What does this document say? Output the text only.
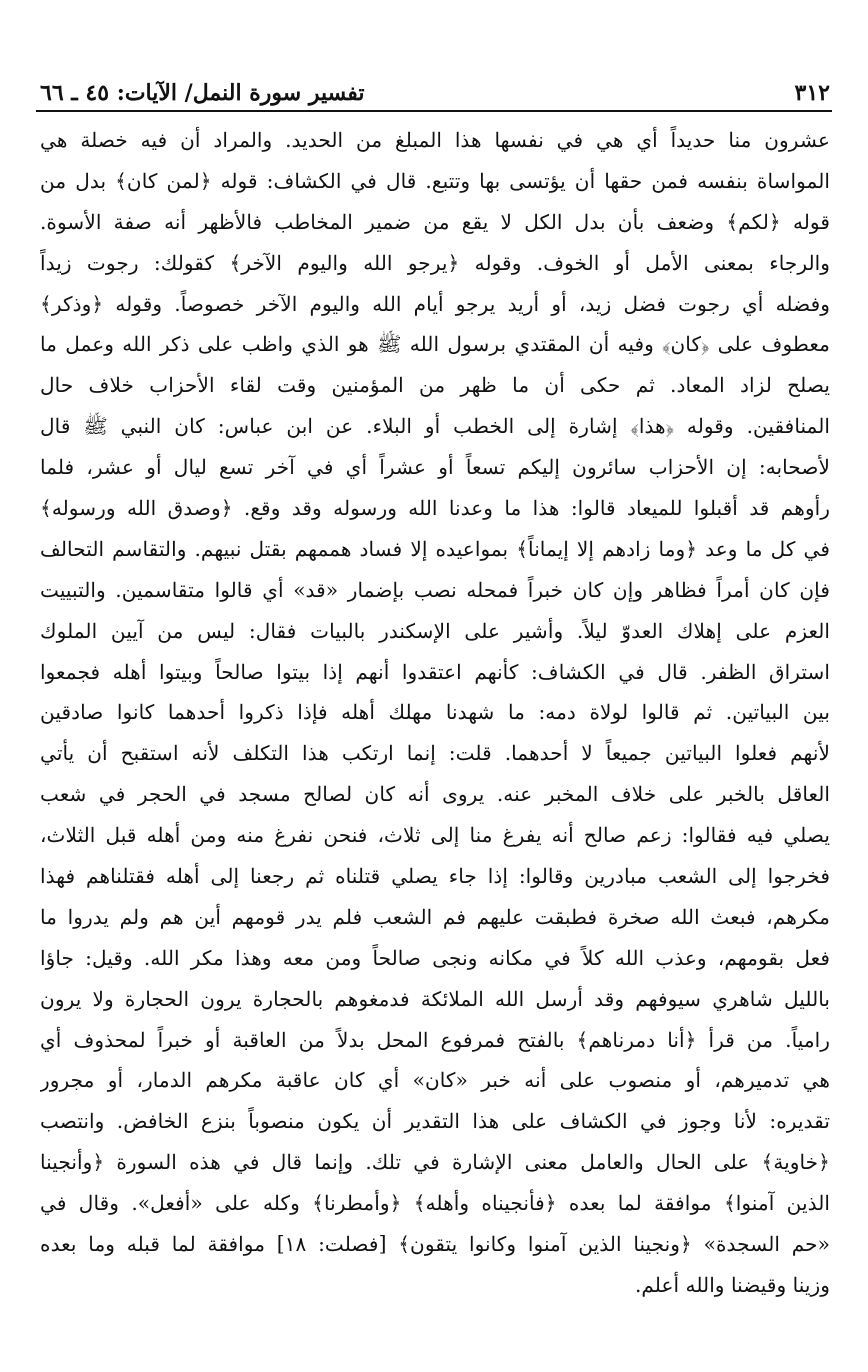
٣١٢
تفسير سورة النمل/ الآيات: ٤٥ ـ ٦٦
عشرون منا حديداً أي هي في نفسها هذا المبلغ من الحديد. والمراد أن فيه خصلة هي
المواساة بنفسه فمن حقها أن يؤتسى بها وتتبع. قال في الكشاف: قوله ﴿لمن كان﴾ بدل من
قوله ﴿لكم﴾ وضعف بأن بدل الكل لا يقع من ضمير المخاطب فالأظهر أنه صفة الأسوة.
والرجاء بمعنى الأمل أو الخوف. وقوله ﴿يرجو الله واليوم الآخر﴾ كقولك: رجوت زيداً
وفضله أي رجوت فضل زيد، أو أريد يرجو أيام الله واليوم الآخر خصوصاً. وقوله ﴿وذكر﴾
معطوف على ﴿كان﴾ وفيه أن المقتدي برسول الله ﷺ هو الذي واظب على ذكر الله وعمل ما
يصلح لزاد المعاد. ثم حكى أن ما ظهر من المؤمنين وقت لقاء الأحزاب خلاف حال
المنافقين. وقوله ﴿هذا﴾ إشارة إلى الخطب أو البلاء. عن ابن عباس: كان النبي ﷺ قال
لأصحابه: إن الأحزاب سائرون إليكم تسعاً أو عشراً أي في آخر تسع ليال أو عشر، فلما
رأوهم قد أقبلوا للميعاد قالوا: هذا ما وعدنا الله ورسوله وقد وقع. ﴿وصدق الله ورسوله﴾
في كل ما وعد ﴿وما زادهم إلا إيماناً﴾ بمواعيده إلا فساد هممهم بقتل نبيهم. والتقاسم التحالف
فإن كان أمراً فظاهر وإن كان خبراً فمحله نصب بإضمار «قد» أي قالوا متقاسمين. والتبييت
العزم على إهلاك العدوّ ليلاً. وأشير على الإسكندر بالبيات فقال: ليس من آيين الملوك
استراق الظفر. قال في الكشاف: كأنهم اعتقدوا أنهم إذا بيتوا صالحاً وبيتوا أهله فجمعوا
بين البياتين. ثم قالوا لولاة دمه: ما شهدنا مهلك أهله فإذا ذكروا أحدهما كانوا صادقين
لأنهم فعلوا البياتين جميعاً لا أحدهما. قلت: إنما ارتكب هذا التكلف لأنه استقبح أن يأتي
العاقل بالخبر على خلاف المخبر عنه. يروى أنه كان لصالح مسجد في الحجر في شعب
يصلي فيه فقالوا: زعم صالح أنه يفرغ منا إلى ثلاث، فنحن نفرغ منه ومن أهله قبل الثلاث،
فخرجوا إلى الشعب مبادرين وقالوا: إذا جاء يصلي قتلناه ثم رجعنا إلى أهله فقتلناهم فهذا
مكرهم، فبعث الله صخرة فطبقت عليهم فم الشعب فلم يدر قومهم أين هم ولم يدروا ما
فعل بقومهم، وعذب الله كلاً في مكانه ونجى صالحاً ومن معه وهذا مكر الله. وقيل: جاؤا
بالليل شاهري سيوفهم وقد أرسل الله الملائكة فدمغوهم بالحجارة يرون الحجارة ولا يرون
رامياً. من قرأ ﴿أنا دمرناهم﴾ بالفتح فمرفوع المحل بدلاً من العاقبة أو خبراً لمحذوف أي
هي تدميرهم، أو منصوب على أنه خبر «كان» أي كان عاقبة مكرهم الدمار، أو مجرور
تقديره: لأنا وجوز في الكشاف على هذا التقدير أن يكون منصوباً بنزع الخافض. وانتصب
﴿خاوية﴾ على الحال والعامل معنى الإشارة في تلك. وإنما قال في هذه السورة ﴿وأنجينا
الذين آمنوا﴾ موافقة لما بعده ﴿فأنجيناه وأهله﴾ ﴿وأمطرنا﴾ وكله على «أفعل». وقال في
«حم السجدة» ﴿ونجينا الذين آمنوا وكانوا يتقون﴾ [فصلت: ١٨] موافقة لما قبله وما بعده
وزينا وقيضنا والله أعلم.
